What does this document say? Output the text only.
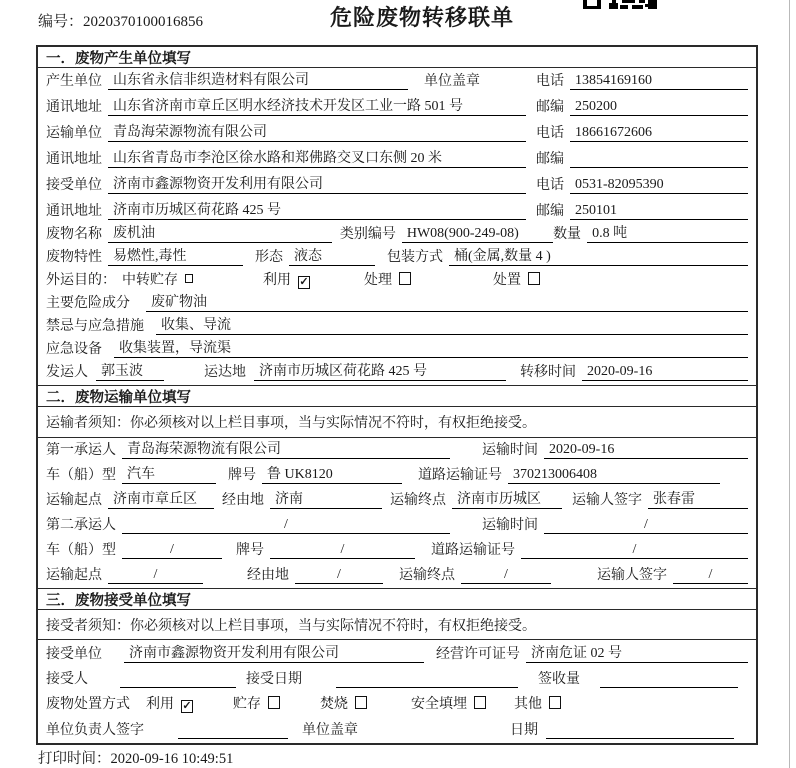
编号：2020370100016856	危险废物转移联单
一．废物产生单位填写
产生单位 山东省永信非织造材料有限公司	单位盖章	电话 13854169160
通讯地址 山东省济南市章丘区明水经济技术开发区工业一路 501 号	邮编 250200
运输单位 青岛海荣源物流有限公司	电话 18661672606
通讯地址 山东省青岛市李沧区徐水路和郑佛路交叉口东侧 20 米	邮编
接受单位 济南市鑫源物资开发利用有限公司	电话 0531-82095390
通讯地址 济南市历城区荷花路 425 号	邮编 250101
废物名称 废机油	类别编号 HW08(900-249-08)	数量 0.8 吨
废物特性 易燃性,毒性	形态 液态	包装方式 桶(金属,数量 4 )
外运目的： 中转贮存	利用 ✓	处理	处置
主要危险成分	废矿物油
禁忌与应急措施	收集、导流
应急设备	收集装置，导流渠
发运人 郭玉波	运达地 济南市历城区荷花路 425 号	转移时间 2020-09-16
二．废物运输单位填写
运输者须知：你必须核对以上栏目事项，当与实际情况不符时，有权拒绝接受。
第一承运人 青岛海荣源物流有限公司	运输时间 2020-09-16
车（船）型 汽车	牌号 鲁 UK8120	道路运输证号 370213006408
运输起点 济南市章丘区	经由地 济南	运输终点 济南市历城区	运输人签字 张春雷
第二承运人	/	运输时间	/
车（船）型	/	牌号	/	道路运输证号	/
运输起点	/	经由地	/	运输终点	/	运输人签字	/
三．废物接受单位填写
接受者须知：你必须核对以上栏目事项，当与实际情况不符时，有权拒绝接受。
接受单位	济南市鑫源物资开发利用有限公司	经营许可证号 济南危证 02 号
接受人	接受日期	签收量
废物处置方式 利用 ✓	贮存	焚烧	安全填埋	其他
单位负责人签字	单位盖章	日期
打印时间：2020-09-16 10:49:51
